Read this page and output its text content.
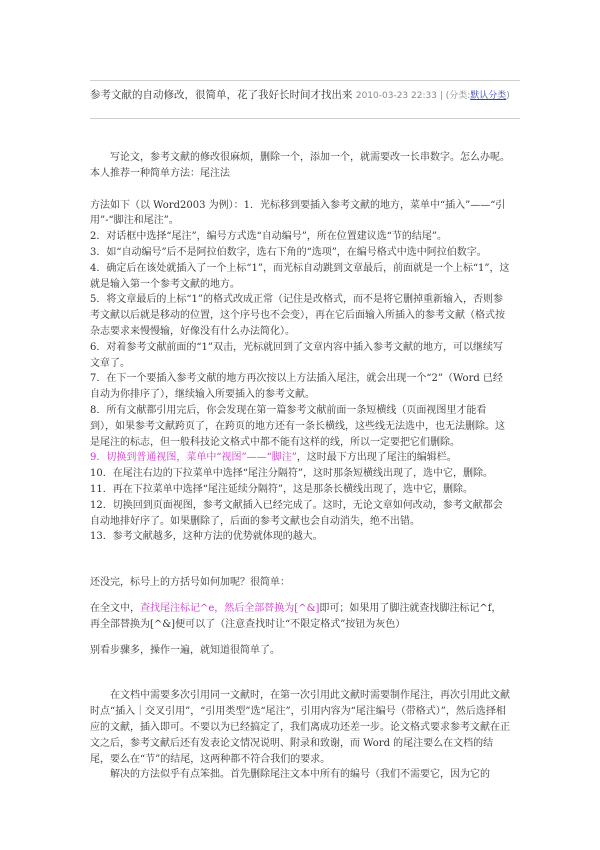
参考文献的自动修改，很简单，花了我好长时间才找出来 2010-03-23 22:33 | (分类:默认分类)

写论文，参考文献的修改很麻烦，删除一个，添加一个，就需要改一长串数字。怎么办呢。本人推荐一种简单方法：尾注法

方法如下（以 Word2003 为例）：1．光标移到要插入参考文献的地方，菜单中“插入”——“引用”-“脚注和尾注”。

2．对话框中选择“尾注”，编号方式选“自动编号”，所在位置建议选“节的结尾”。

3．如“自动编号”后不是阿拉伯数字，选右下角的“选项”，在编号格式中选中阿拉伯数字。

4．确定后在该处就插入了一个上标“1”，而光标自动跳到文章最后，前面就是一个上标“1”，这就是输入第一个参考文献的地方。

5．将文章最后的上标“1”的格式改成正常（记住是改格式，而不是将它删掉重新输入，否则参考文献以后就是移动的位置，这个序号也不会变），再在它后面输入所插入的参考文献（格式按杂志要求来慢慢输，好像没有什么办法简化）。

6．对着参考文献前面的“1”双击，光标就回到了文章内容中插入参考文献的地方，可以继续写文章了。

7．在下一个要插入参考文献的地方再次按以上方法插入尾注，就会出现一个“2”（Word 已经自动为你排序了），继续输入所要插入的参考文献。

8．所有文献都引用完后，你会发现在第一篇参考文献前面一条短横线（页面视图里才能看到），如果参考文献跨页了，在跨页的地方还有一条长横线，这些线无法选中，也无法删除。这是尾注的标志，但一般科技论文格式中都不能有这样的线，所以一定要把它们删除。

9．切换到普通视图，菜单中“视图”——“脚注”，这时最下方出现了尾注的编辑栏。

10．在尾注右边的下拉菜单中选择“尾注分隔符”，这时那条短横线出现了，选中它，删除。

11．再在下拉菜单中选择“尾注延续分隔符”，这是那条长横线出现了，选中它，删除。

12．切换回到页面视图，参考文献插入已经完成了。这时，无论文章如何改动，参考文献都会自动地排好序了。如果删除了，后面的参考文献也会自动消失，绝不出错。

13．参考文献越多，这种方法的优势就体现的越大。

还没完，标号上的方括号如何加呢？很简单：

在全文中，查找尾注标记^e，然后全部替换为[^&]即可；如果用了脚注就查找脚注标记^f，再全部替换为[^&]便可以了（注意查找时让“不限定格式”按钮为灰色）

别看步骤多，操作一遍，就知道很简单了。

在文档中需要多次引用同一文献时，在第一次引用此文献时需要制作尾注，再次引用此文献时点“插入｜交叉引用”，“引用类型”选“尾注”，引用内容为“尾注编号（带格式）”，然后选择相应的文献，插入即可。不要以为已经搞定了，我们离成功还差一步。论文格式要求参考文献在正文之后，参考文献后还有发表论文情况说明、附录和致谢，而 Word 的尾注要么在文档的结尾，要么在“节”的结尾，这两种都不符合我们的要求。

解决的方法似乎有点笨拙。首先删除尾注文本中所有的编号（我们不需要它，因为它的
